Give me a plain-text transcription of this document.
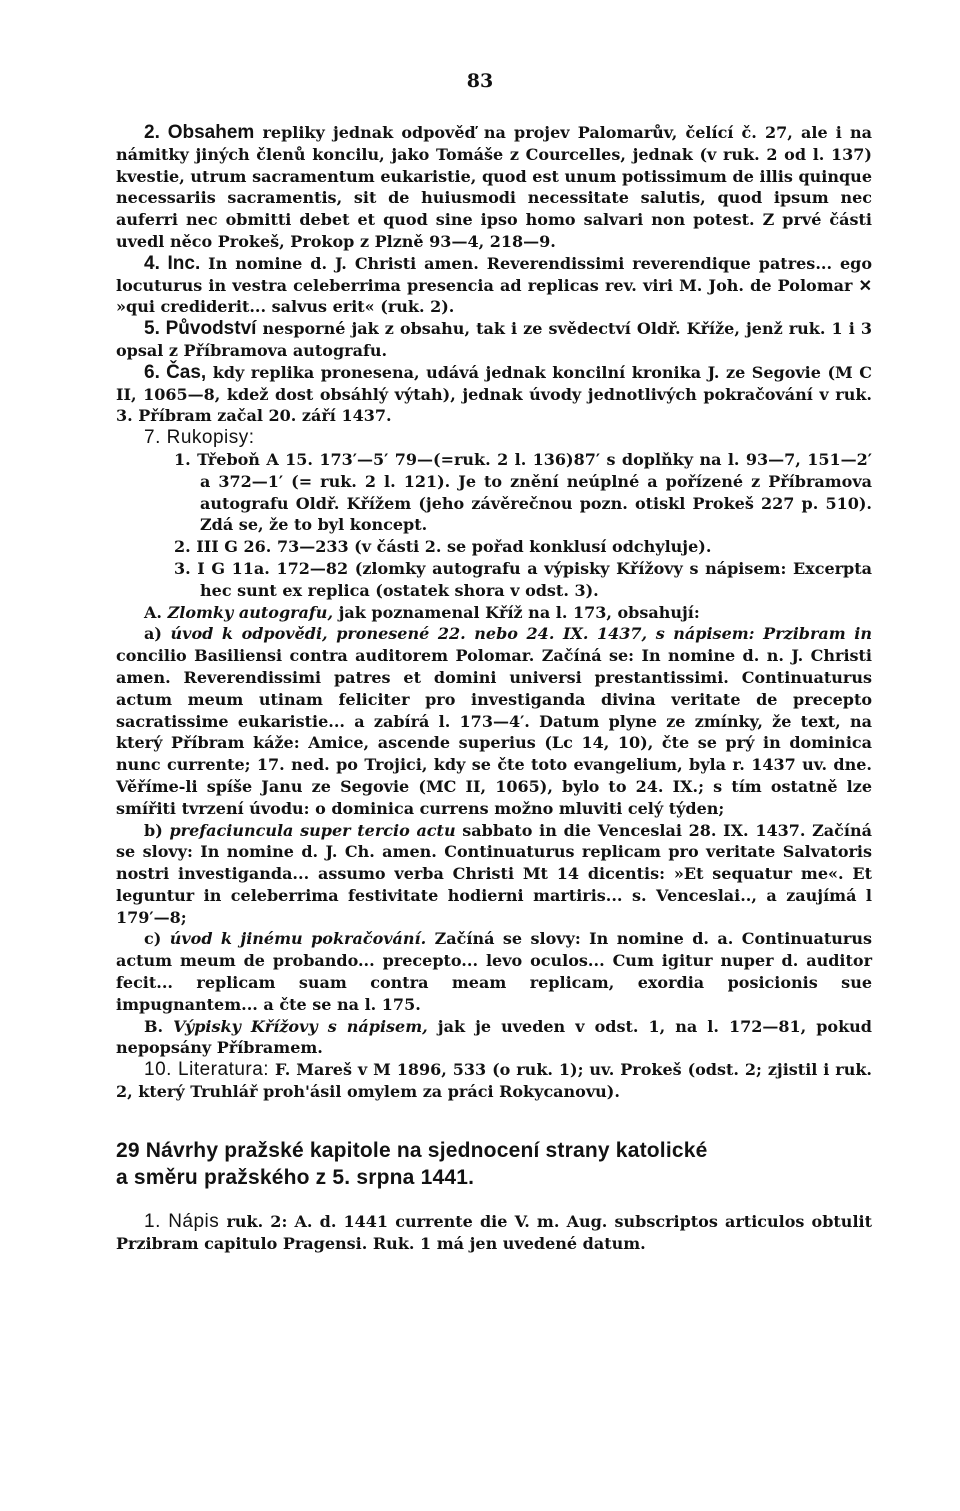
83

2. Obsahem repliky jednak odpověď na projev Palomarův, čelící č. 27, ale i na námitky jiných členů koncilu, jako Tomáše z Courcelles, jednak (v ruk. 2 od l. 137) kvestie, utrum sacramentum eukaristie, quod est unum potissimum de illis quinque necessariis sacramentis, sit de huiusmodi necessitate salutis, quod ipsum nec auferri nec obmitti debet et quod sine ipso homo salvari non potest. Z prvé části uvedl něco Prokeš, Prokop z Plzně 93—4, 218—9.

4. Inc. In nomine d. J. Christi amen. Reverendissimi reverendique patres... ego locuturus in vestra celeberrima presencia ad replicas rev. viri M. Joh. de Polomar ✕ »qui crediderit... salvus erit« (ruk. 2).

5. Původství nesporné jak z obsahu, tak i ze svědectví Oldř. Kříže, jenž ruk. 1 i 3 opsal z Příbramova autografu.

6. Čas, kdy replika pronesena, udává jednak koncilní kronika J. ze Segovie (M C II, 1065—8, kdež dost obsáhlý výtah), jednak úvody jednotlivých pokračování v ruk. 3. Příbram začal 20. září 1437.

7. Rukopisy:

1. Třeboň A 15. 173′—5′ 79—(=ruk. 2 l. 136)87′ s doplňky na l. 93—7, 151—2′ a 372—1′ (= ruk. 2 l. 121). Je to znění neúplné a pořízené z Příbramova autografu Oldř. Křížem (jeho závěrečnou pozn. otiskl Prokeš 227 p. 510). Zdá se, že to byl koncept.

2. III G 26. 73—233 (v části 2. se pořad konklusí odchyluje).

3. I G 11a. 172—82 (zlomky autografu a výpisky Křížovy s nápisem: Excerpta hec sunt ex replica (ostatek shora v odst. 3).

A. Zlomky autografu, jak poznamenal Kříž na l. 173, obsahují:

a) úvod k odpovědi, pronesené 22. nebo 24. IX. 1437, s nápisem: Przibram in concilio Basiliensi contra auditorem Polomar. Začíná se: In nomine d. n. J. Christi amen. Reverendissimi patres et domini universi prestantissimi. Continuaturus actum meum utinam feliciter pro investiganda divina veritate de precepto sacratissime eukaristie... a zabírá l. 173—4′. Datum plyne ze zmínky, že text, na který Příbram káže: Amice, ascende superius (Lc 14, 10), čte se prý in dominica nunc currente; 17. ned. po Trojici, kdy se čte toto evangelium, byla r. 1437 uv. dne. Věříme-li spíše Janu ze Segovie (MC II, 1065), bylo to 24. IX.; s tím ostatně lze smířiti tvrzení úvodu: o dominica currens možno mluviti celý týden;

b) prefaciuncula super tercio actu sabbato in die Venceslai 28. IX. 1437. Začíná se slovy: In nomine d. J. Ch. amen. Continuaturus replicam pro veritate Salvatoris nostri investiganda... assumo verba Christi Mt 14 dicentis: »Et sequatur me«. Et leguntur in celeberrima festivitate hodierni martiris... s. Venceslai.., a zaujímá l 179′—8;

c) úvod k jinému pokračování. Začíná se slovy: In nomine d. a. Continuaturus actum meum de probando... precepto... levo oculos... Cum igitur nuper d. auditor fecit... replicam suam contra meam replicam, exordia posicionis sue impugnantem... a čte se na l. 175.

B. Výpisky Křížovy s nápisem, jak je uveden v odst. 1, na l. 172—81, pokud nepopsány Příbramem.

10. Literatura: F. Mareš v M 1896, 533 (o ruk. 1); uv. Prokeš (odst. 2; zjistil i ruk. 2, který Truhlář proh'ásil omylem za práci Rokycanovu).

29 Návrhy pražské kapitole na sjednocení strany katolické

a směru pražského z 5. srpna 1441.

1. Nápis ruk. 2: A. d. 1441 currente die V. m. Aug. subscriptos articulos obtulit Przibram capitulo Pragensi. Ruk. 1 má jen uvedené datum.
